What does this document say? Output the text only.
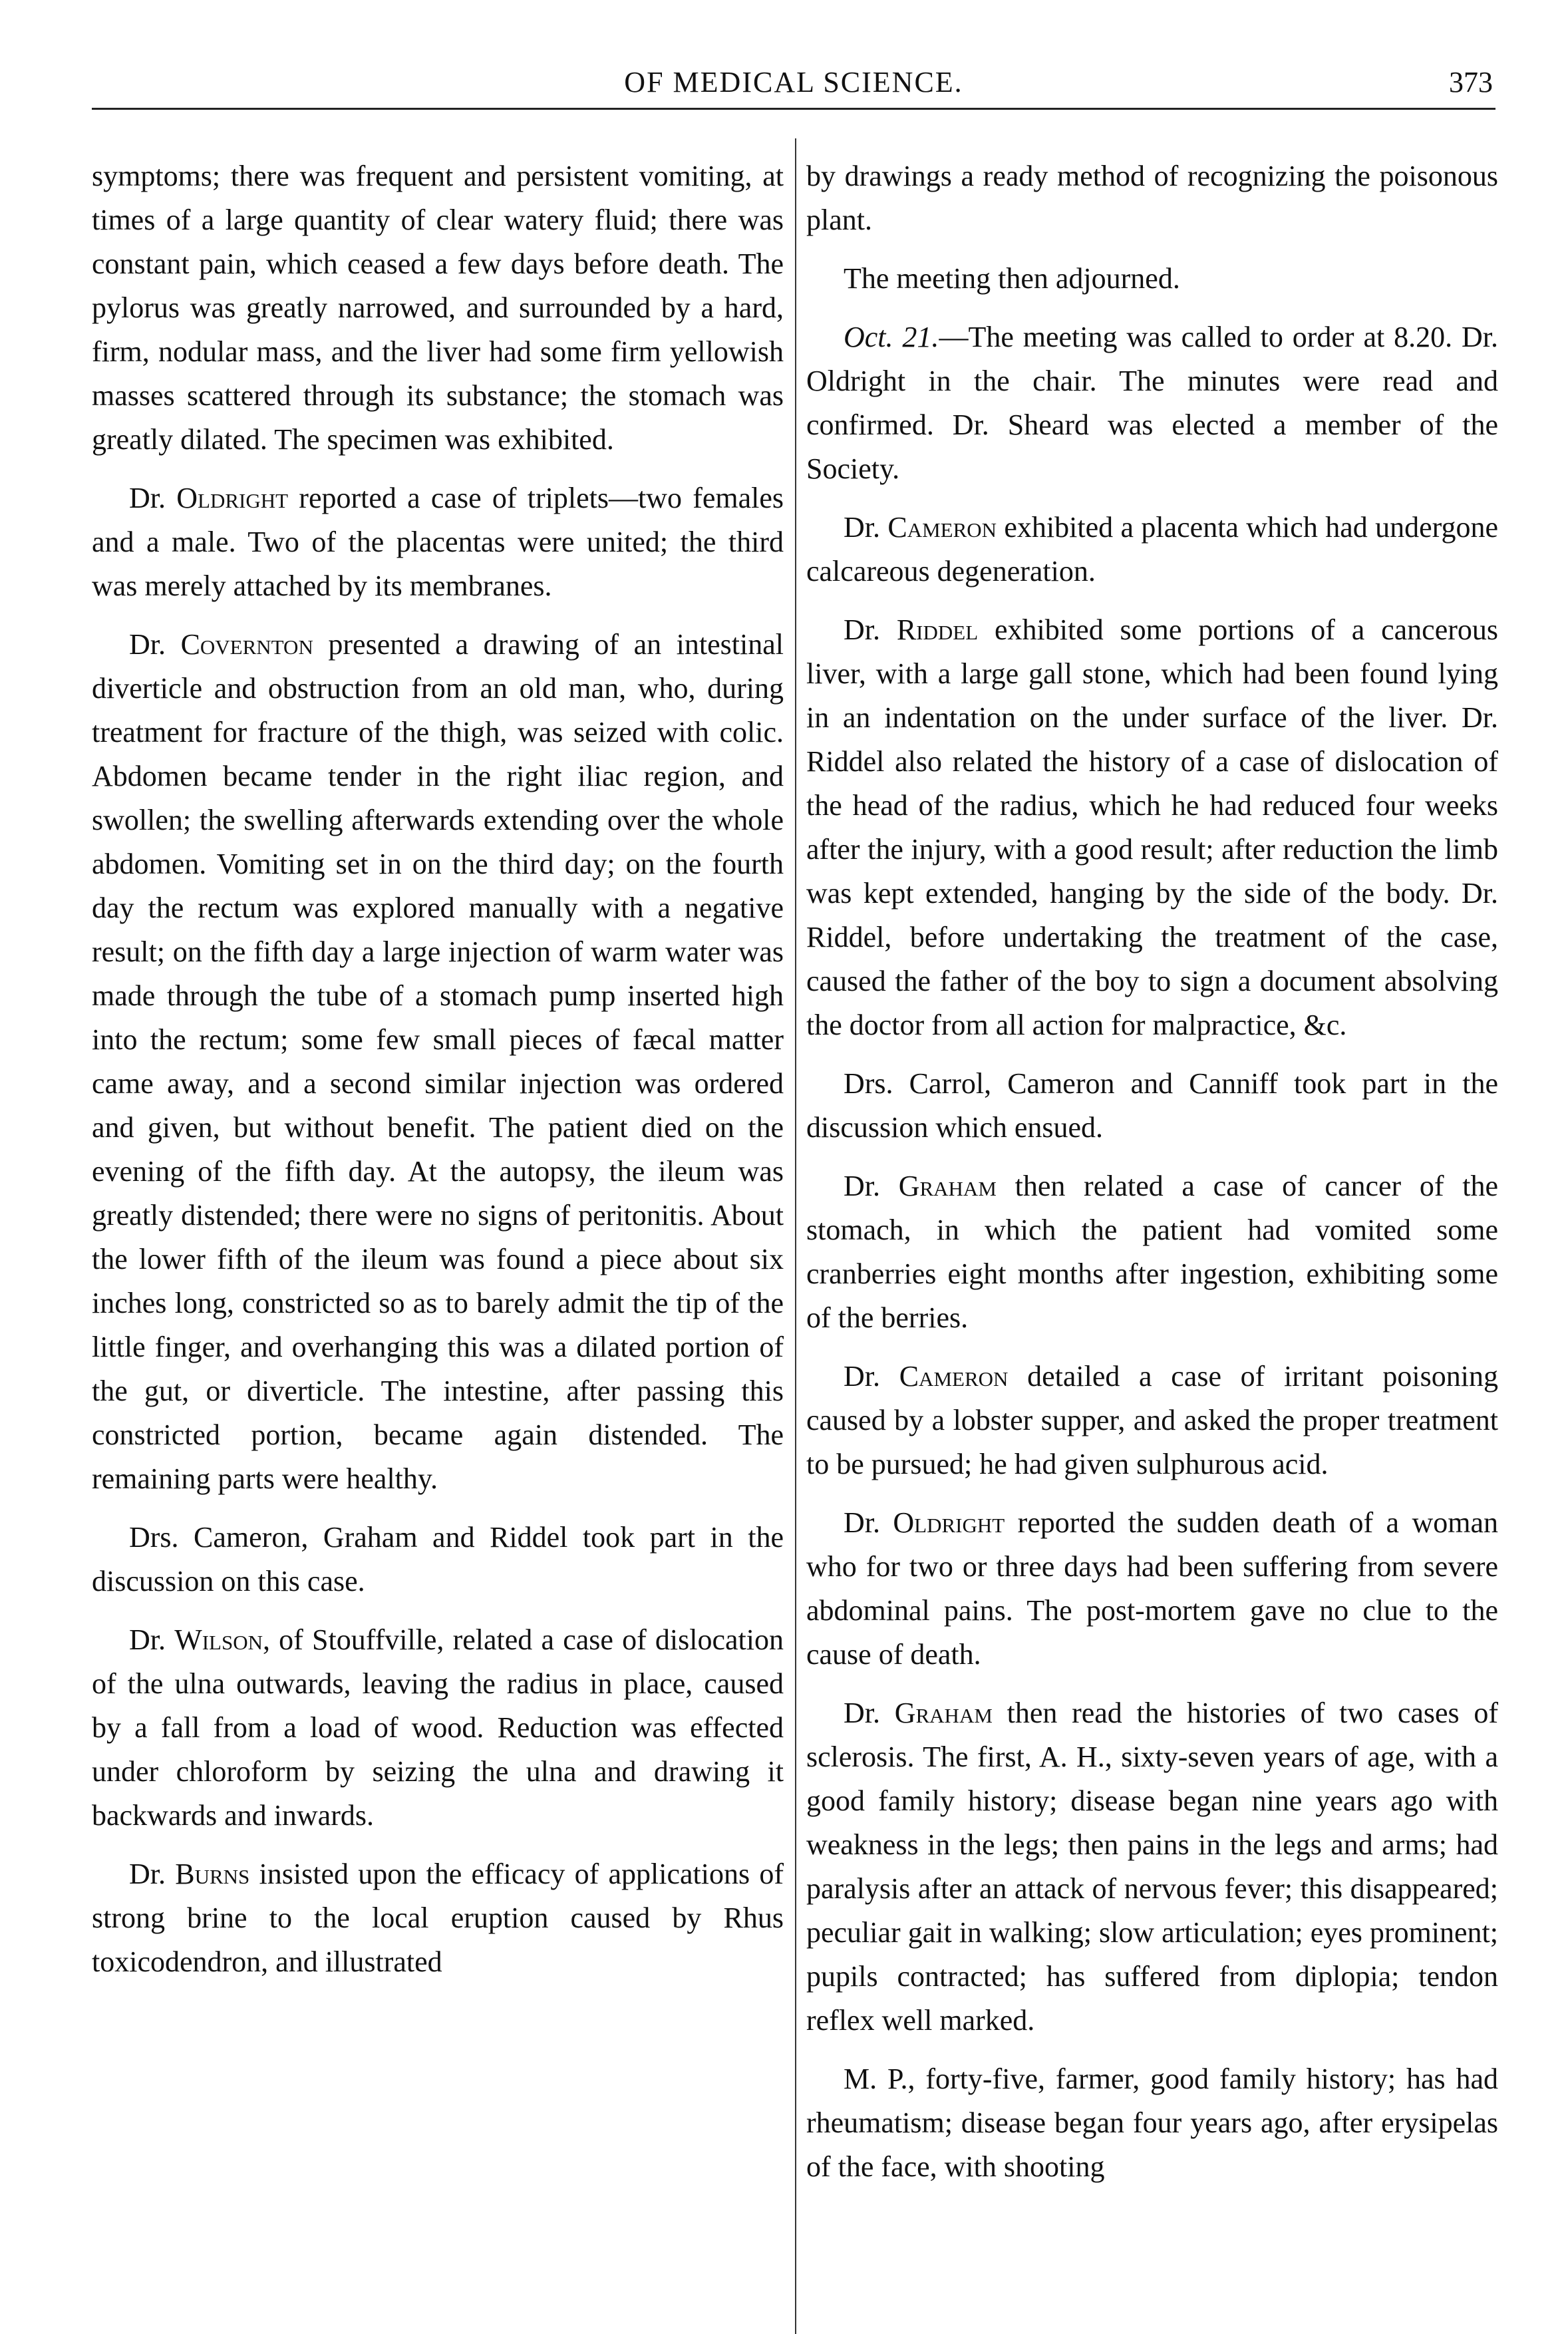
OF MEDICAL SCIENCE.	373

symptoms; there was frequent and persistent vomiting, at times of a large quantity of clear watery fluid; there was constant pain, which ceased a few days before death. The pylorus was greatly narrowed, and surrounded by a hard, firm, nodular mass, and the liver had some firm yellowish masses scattered through its substance; the stomach was greatly dilated. The specimen was exhibited.

Dr. Oldright reported a case of triplets—two females and a male. Two of the placentas were united; the third was merely attached by its membranes.

Dr. Covernton presented a drawing of an intestinal diverticle and obstruction from an old man, who, during treatment for fracture of the thigh, was seized with colic. Abdomen became tender in the right iliac region, and swollen; the swelling afterwards extending over the whole abdomen. Vomiting set in on the third day; on the fourth day the rectum was explored manually with a negative result; on the fifth day a large injection of warm water was made through the tube of a stomach pump inserted high into the rectum; some few small pieces of fæcal matter came away, and a second similar injection was ordered and given, but without benefit. The patient died on the evening of the fifth day. At the autopsy, the ileum was greatly distended; there were no signs of peritonitis. About the lower fifth of the ileum was found a piece about six inches long, constricted so as to barely admit the tip of the little finger, and overhanging this was a dilated portion of the gut, or diverticle. The intestine, after passing this constricted portion, became again distended. The remaining parts were healthy.

Drs. Cameron, Graham and Riddel took part in the discussion on this case.

Dr. Wilson, of Stouffville, related a case of dislocation of the ulna outwards, leaving the radius in place, caused by a fall from a load of wood. Reduction was effected under chloroform by seizing the ulna and drawing it backwards and inwards.

Dr. Burns insisted upon the efficacy of applications of strong brine to the local eruption caused by Rhus toxicodendron, and illustrated

by drawings a ready method of recognizing the poisonous plant.

The meeting then adjourned.

Oct. 21.—The meeting was called to order at 8.20. Dr. Oldright in the chair. The minutes were read and confirmed. Dr. Sheard was elected a member of the Society.

Dr. Cameron exhibited a placenta which had undergone calcareous degeneration.

Dr. Riddel exhibited some portions of a cancerous liver, with a large gall stone, which had been found lying in an indentation on the under surface of the liver. Dr. Riddel also related the history of a case of dislocation of the head of the radius, which he had reduced four weeks after the injury, with a good result; after reduction the limb was kept extended, hanging by the side of the body. Dr. Riddel, before undertaking the treatment of the case, caused the father of the boy to sign a document absolving the doctor from all action for malpractice, &c.

Drs. Carrol, Cameron and Canniff took part in the discussion which ensued.

Dr. Graham then related a case of cancer of the stomach, in which the patient had vomited some cranberries eight months after ingestion, exhibiting some of the berries.

Dr. Cameron detailed a case of irritant poisoning caused by a lobster supper, and asked the proper treatment to be pursued; he had given sulphurous acid.

Dr. Oldright reported the sudden death of a woman who for two or three days had been suffering from severe abdominal pains. The post-mortem gave no clue to the cause of death.

Dr. Graham then read the histories of two cases of sclerosis. The first, A. H., sixty-seven years of age, with a good family history; disease began nine years ago with weakness in the legs; then pains in the legs and arms; had paralysis after an attack of nervous fever; this disappeared; peculiar gait in walking; slow articulation; eyes prominent; pupils contracted; has suffered from diplopia; tendon reflex well marked.

M. P., forty-five, farmer, good family history; has had rheumatism; disease began four years ago, after erysipelas of the face, with shooting
